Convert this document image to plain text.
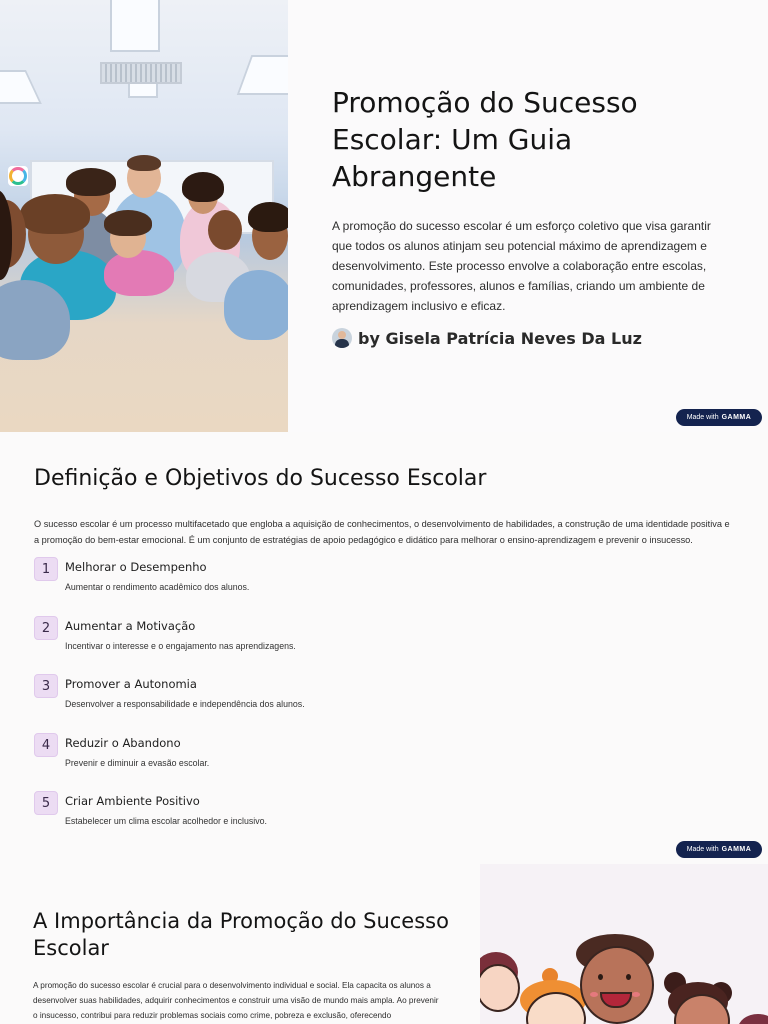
Promoção do Sucesso Escolar: Um Guia Abrangente

A promoção do sucesso escolar é um esforço coletivo que visa garantir que todos os alunos atinjam seu potencial máximo de aprendizagem e desenvolvimento. Este processo envolve a colaboração entre escolas, comunidades, professores, alunos e famílias, criando um ambiente de aprendizagem inclusivo e eficaz.

by Gisela Patrícia Neves Da Luz
Made with GAMMA
Definição e Objetivos do Sucesso Escolar

O sucesso escolar é um processo multifacetado que engloba a aquisição de conhecimentos, o desenvolvimento de habilidades, a construção de uma identidade positiva e a promoção do bem-estar emocional. É um conjunto de estratégias de apoio pedagógico e didático para melhorar o ensino-aprendizagem e prevenir o insucesso.

1	Melhorar o Desempenho
Aumentar o rendimento acadêmico dos alunos.
2	Aumentar a Motivação
Incentivar o interesse e o engajamento nas aprendizagens.
3	Promover a Autonomia
Desenvolver a responsabilidade e independência dos alunos.
4	Reduzir o Abandono
Prevenir e diminuir a evasão escolar.
5	Criar Ambiente Positivo
Estabelecer um clima escolar acolhedor e inclusivo.
Made with GAMMA
A Importância da Promoção do Sucesso Escolar

A promoção do sucesso escolar é crucial para o desenvolvimento individual e social. Ela capacita os alunos a desenvolver suas habilidades, adquirir conhecimentos e construir uma visão de mundo mais ampla. Ao prevenir o insucesso, contribui para reduzir problemas sociais como crime, pobreza e exclusão, oferecendo
